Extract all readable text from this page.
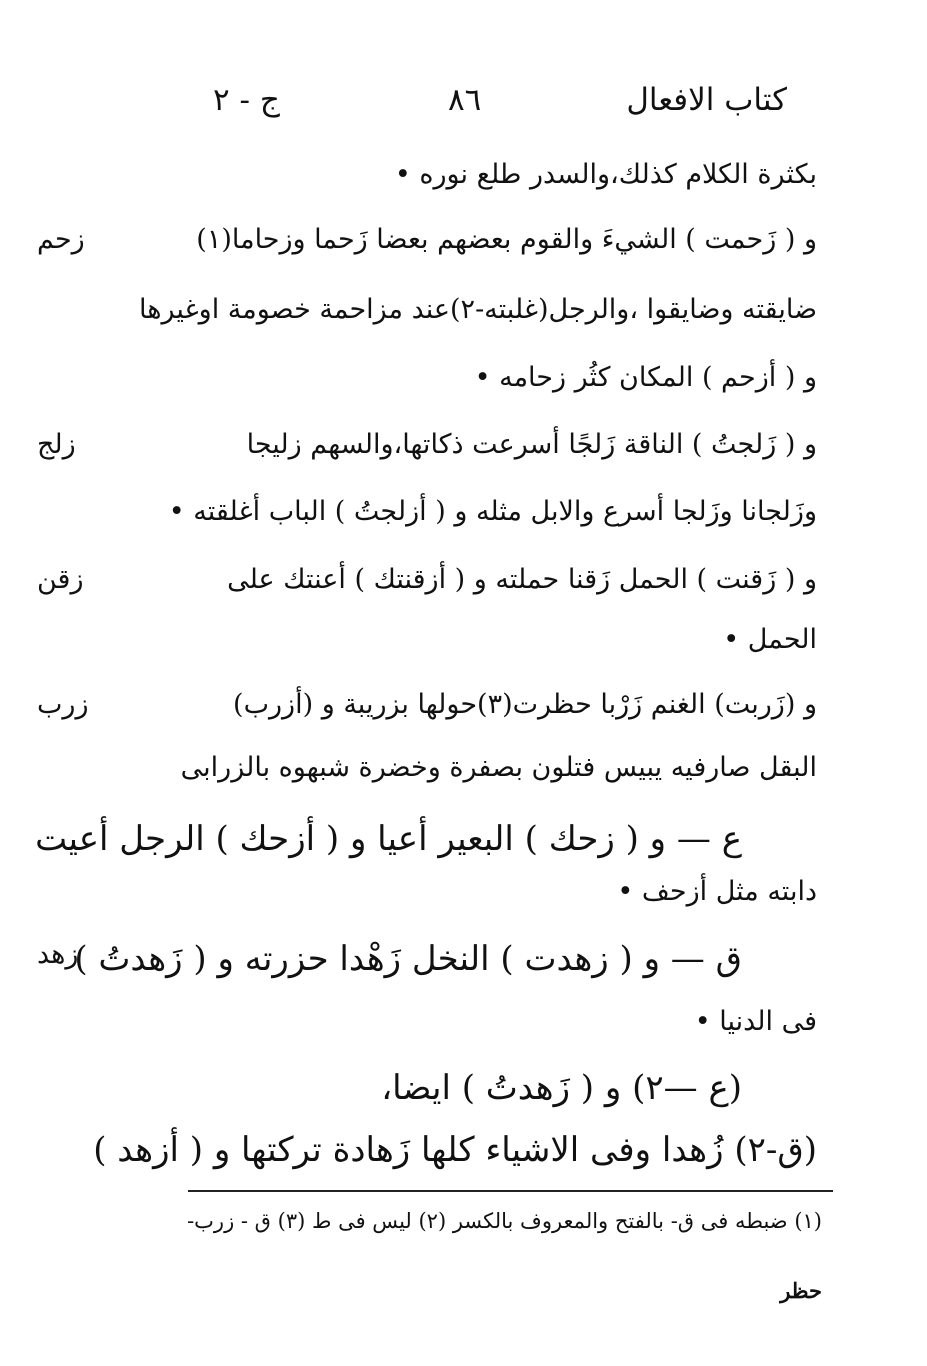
كتاب الافعال
٨٦
ج - ٢
بكثرة الكلام كذلك،والسدر طلع نوره •
و ( زَحمت ) الشيءَ والقوم بعضهم بعضا زَحما وزحاما(١)
زحم
ضايقته وضايقوا ،والرجل(غلبته-٢)عند مزاحمة خصومة اوغيرها
و ( أزحم ) المكان كثُر زحامه •
و ( زَلجتُ ) الناقة زَلجًا أسرعت ذكاتها،والسهم زليجا
زلج
وزَلجانا وزَلجا أسرع والابل مثله و ( أزلجتُ ) الباب أغلقته •
و ( زَقنت ) الحمل زَقنا حملته و ( أزقنتك ) أعنتك على
زقن
الحمل •
و (زَربت) الغنم زَرْبا حظرت(٣)حولها بزريبة و (أزرب)
زرب
البقل صارفيه يبيس فتلون بصفرة وخضرة شبهوه بالزرابى
ع — و ( زحك ) البعير أعيا و ( أزحك ) الرجل أعيت
دابته مثل أزحف •
ق — و ( زهدت ) النخل زَهْدا حزرته و ( زَهدتُ )
زهد
فى الدنيا •
(ع —٢) و ( زَهدتُ ) ايضا،
(ق-٢) زُهدا وفى الاشياء كلها زَهادة تركتها و ( أزهد )
(١) ضبطه فى ق- بالفتح والمعروف بالكسر (٢) ليس فى ط (٣) ق - زرب-
حظر
